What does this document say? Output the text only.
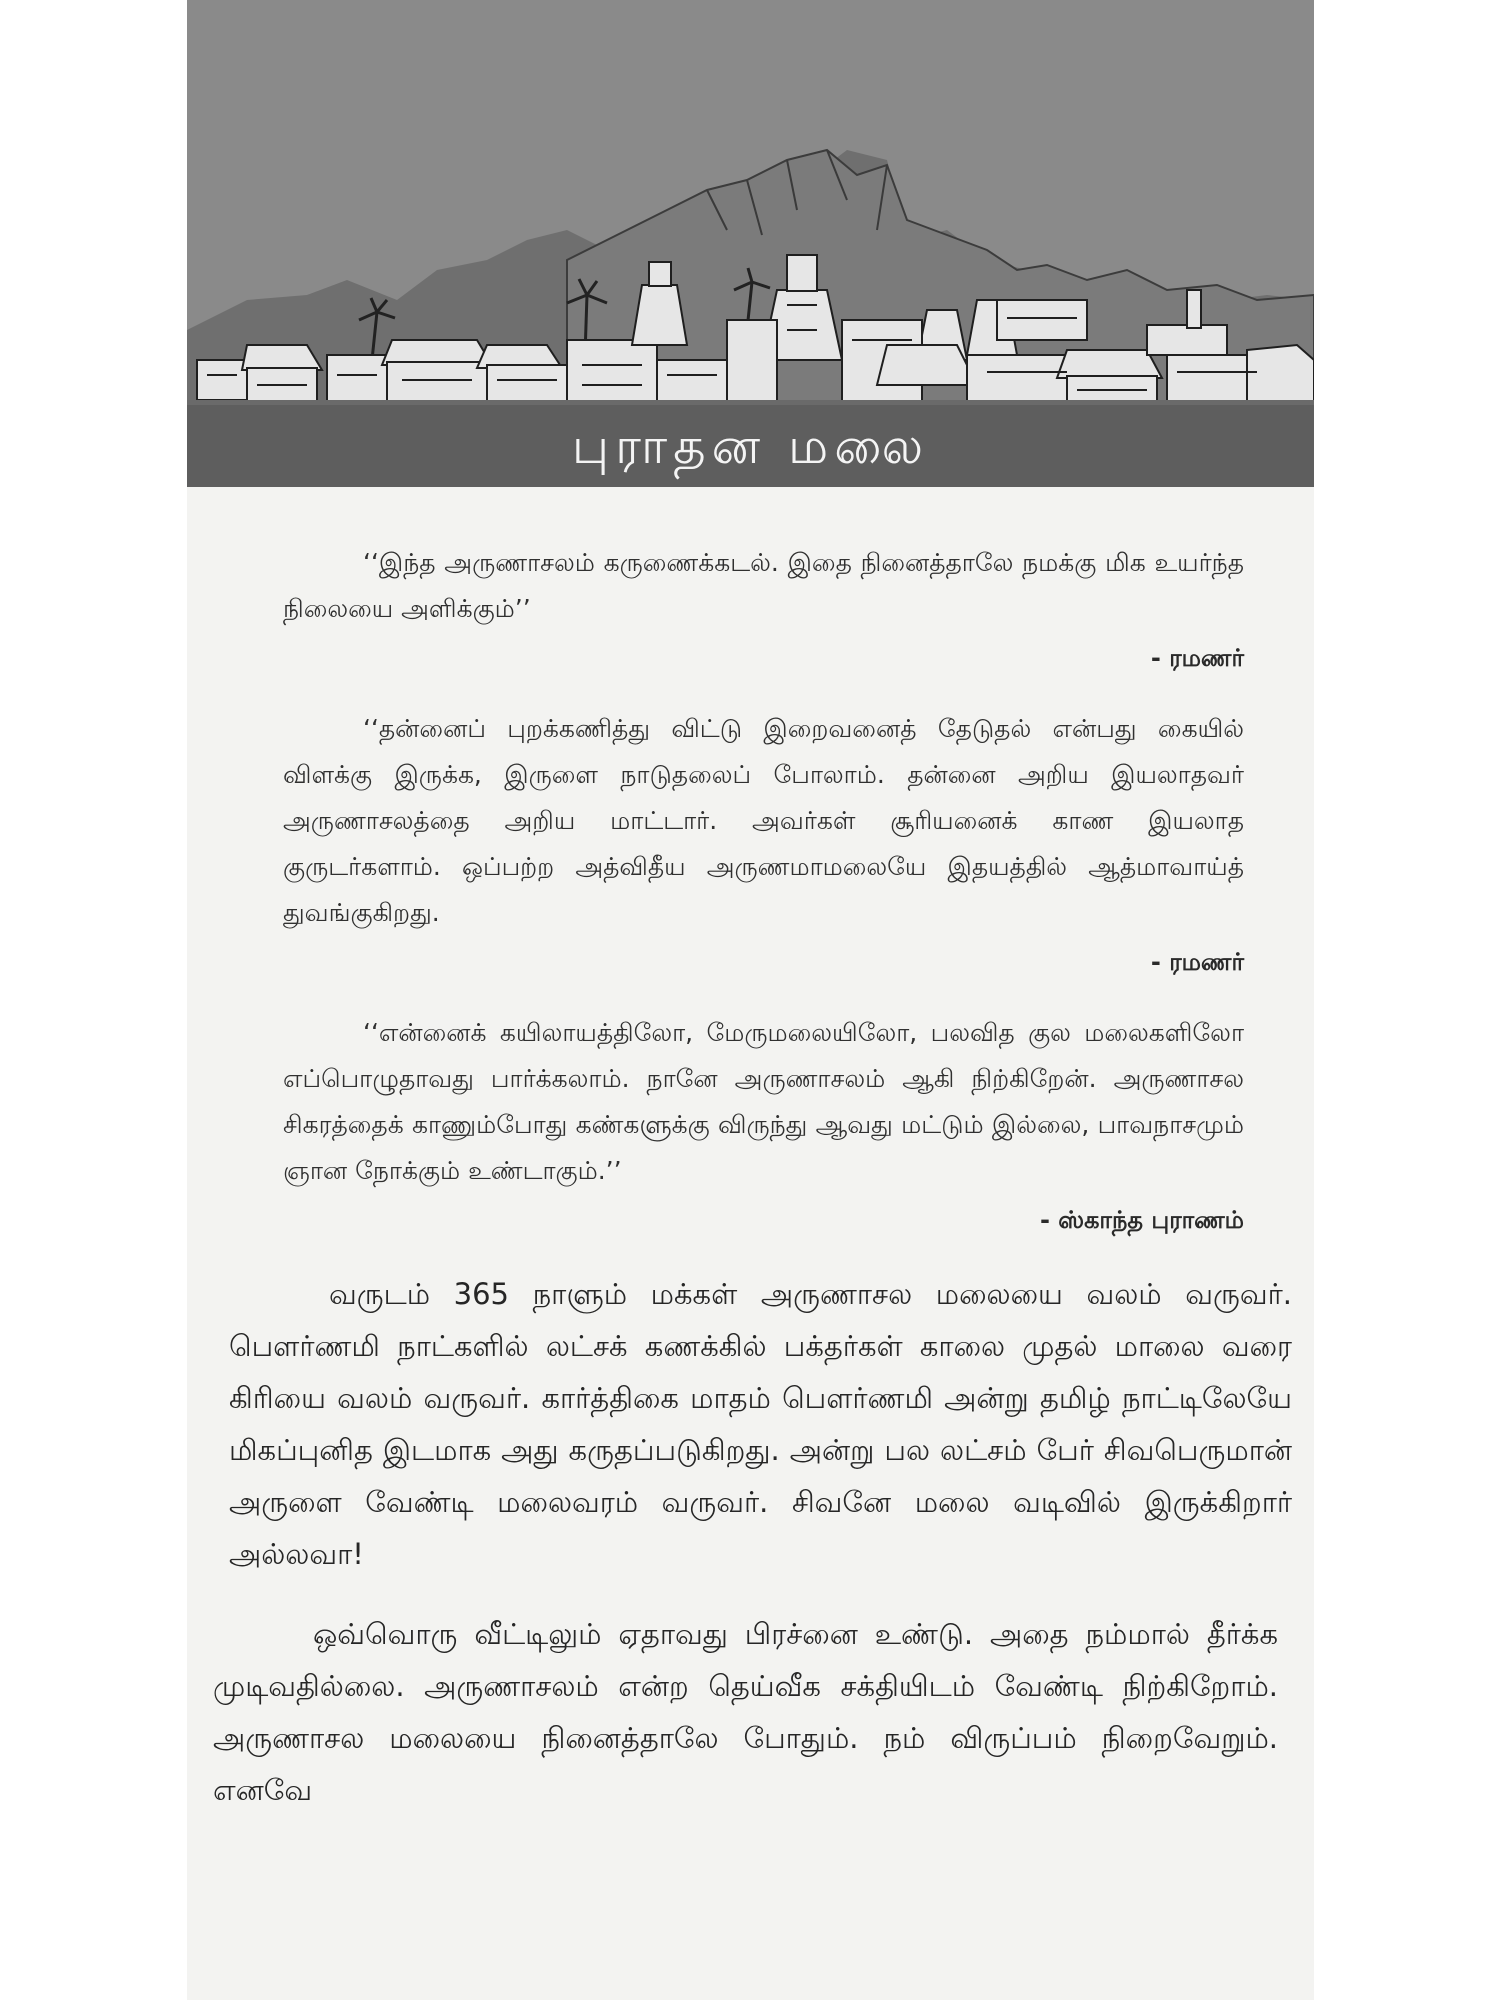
புராதன மலை

‘‘இந்த அருணாசலம் கருணைக்கடல். இதை நினைத்தாலே நமக்கு மிக உயர்ந்த நிலையை அளிக்கும்’’

- ரமணர்

‘‘தன்னைப் புறக்கணித்து விட்டு இறைவனைத் தேடுதல் என்பது கையில் விளக்கு இருக்க, இருளை நாடுதலைப் போலாம். தன்னை அறிய இயலாதவர் அருணாசலத்தை அறிய மாட்டார். அவர்கள் சூரியனைக் காண இயலாத குருடர்களாம். ஒப்பற்ற அத்விதீய அருணமாமலையே இதயத்தில் ஆத்மாவாய்த் துவங்குகிறது.

- ரமணர்

‘‘என்னைக் கயிலாயத்திலோ, மேருமலையிலோ, பலவித குல மலைகளிலோ எப்பொழுதாவது பார்க்கலாம். நானே அருணாசலம் ஆகி நிற்கிறேன். அருணாசல சிகரத்தைக் காணும்போது கண்களுக்கு விருந்து ஆவது மட்டும் இல்லை, பாவநாசமும் ஞான நோக்கும் உண்டாகும்.’’

- ஸ்காந்த புராணம்

வருடம் 365 நாளும் மக்கள் அருணாசல மலையை வலம் வருவர். பௌர்ணமி நாட்களில் லட்சக் கணக்கில் பக்தர்கள் காலை முதல் மாலை வரை கிரியை வலம் வருவர். கார்த்திகை மாதம் பௌர்ணமி அன்று தமிழ் நாட்டிலேயே மிகப்புனித இடமாக அது கருதப்படுகிறது. அன்று பல லட்சம் பேர் சிவபெருமான் அருளை வேண்டி மலைவரம் வருவர். சிவனே மலை வடிவில் இருக்கிறார் அல்லவா!

ஒவ்வொரு வீட்டிலும் ஏதாவது பிரச்னை உண்டு. அதை நம்மால் தீர்க்க முடிவதில்லை. அருணாசலம் என்ற தெய்வீக சக்தியிடம் வேண்டி நிற்கிறோம். அருணாசல மலையை நினைத்தாலே போதும். நம் விருப்பம் நிறைவேறும். எனவே
